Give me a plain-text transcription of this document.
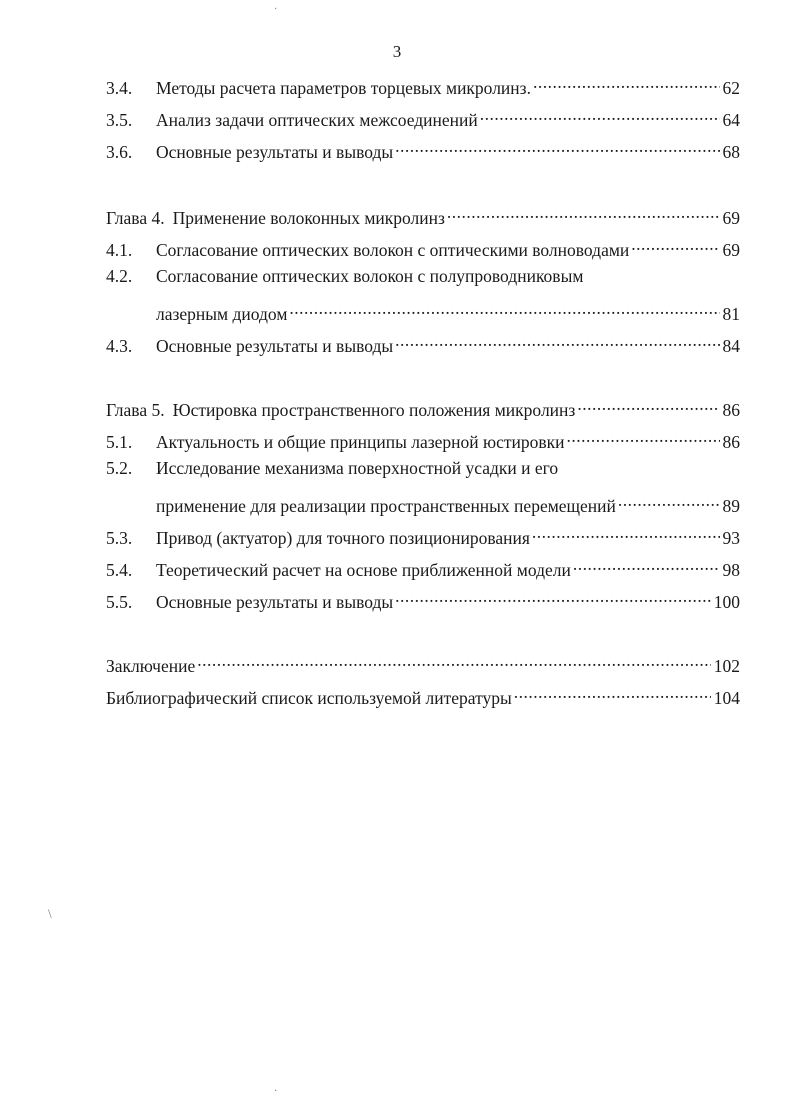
3
3.4.	Методы расчета параметров торцевых микролинз. .....	62
3.5.	Анализ задачи оптических межсоединений .....	64
3.6.	Основные результаты и выводы .....	68
Глава 4. Применение волоконных микролинз .....	69
4.1.	Согласование оптических волокон с оптическими волноводами .....	69
4.2.	Согласование оптических волокон с полупроводниковым
лазерным диодом .....	81
4.3.	Основные результаты и выводы .....	84
Глава 5. Юстировка пространственного положения микролинз .....	86
5.1.	Актуальность и общие принципы лазерной юстировки .....	86
5.2.	Исследование механизма поверхностной усадки и его
применение для реализации пространственных перемещений .....	89
5.3.	Привод (актуатор) для точного позиционирования .....	93
5.4.	Теоретический расчет на основе приближенной модели .....	98
5.5.	Основные результаты и выводы .....	100
Заключение .....	102
Библиографический список используемой литературы .....	104
·
\
·
